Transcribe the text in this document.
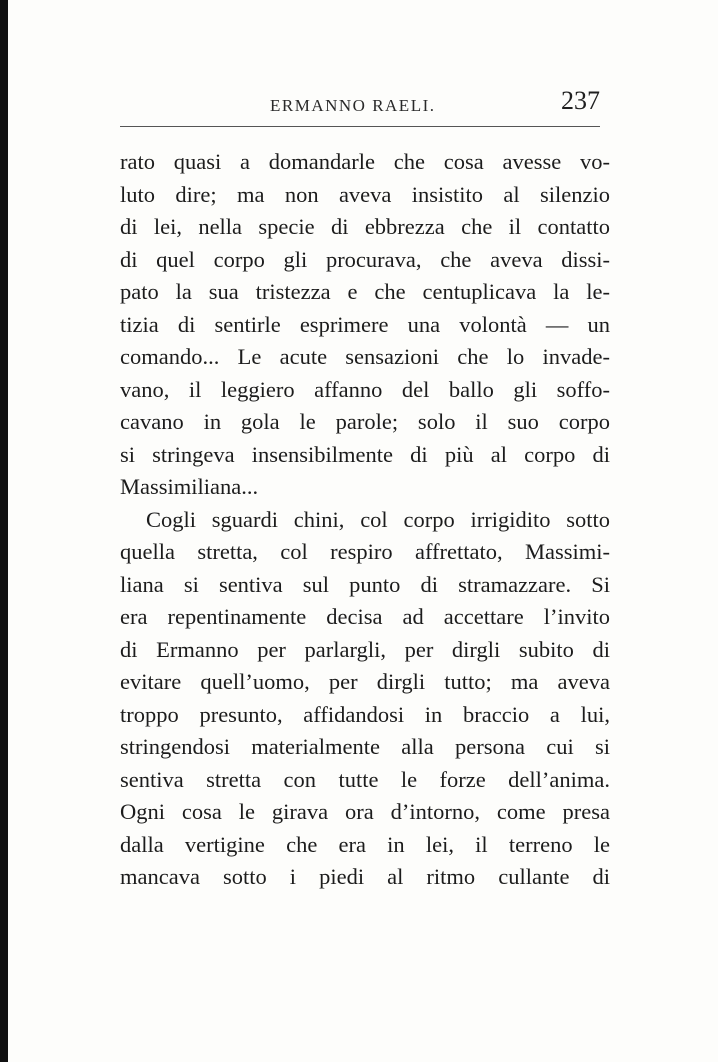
ERMANNO RAELI.	237
rato quasi a domandarle che cosa avesse vo-
luto dire; ma non aveva insistito al silenzio
di lei, nella specie di ebbrezza che il contatto
di quel corpo gli procurava, che aveva dissi-
pato la sua tristezza e che centuplicava la le-
tizia di sentirle esprimere una volontà — un
comando... Le acute sensazioni che lo invade-
vano, il leggiero affanno del ballo gli soffo-
cavano in gola le parole; solo il suo corpo
si stringeva insensibilmente di più al corpo di
Massimiliana...
Cogli sguardi chini, col corpo irrigidito sotto
quella stretta, col respiro affrettato, Massimi-
liana si sentiva sul punto di stramazzare. Si
era repentinamente decisa ad accettare l’invito
di Ermanno per parlargli, per dirgli subito di
evitare quell’uomo, per dirgli tutto; ma aveva
troppo presunto, affidandosi in braccio a lui,
stringendosi materialmente alla persona cui si
sentiva stretta con tutte le forze dell’anima.
Ogni cosa le girava ora d’intorno, come presa
dalla vertigine che era in lei, il terreno le
mancava sotto i piedi al ritmo cullante di
